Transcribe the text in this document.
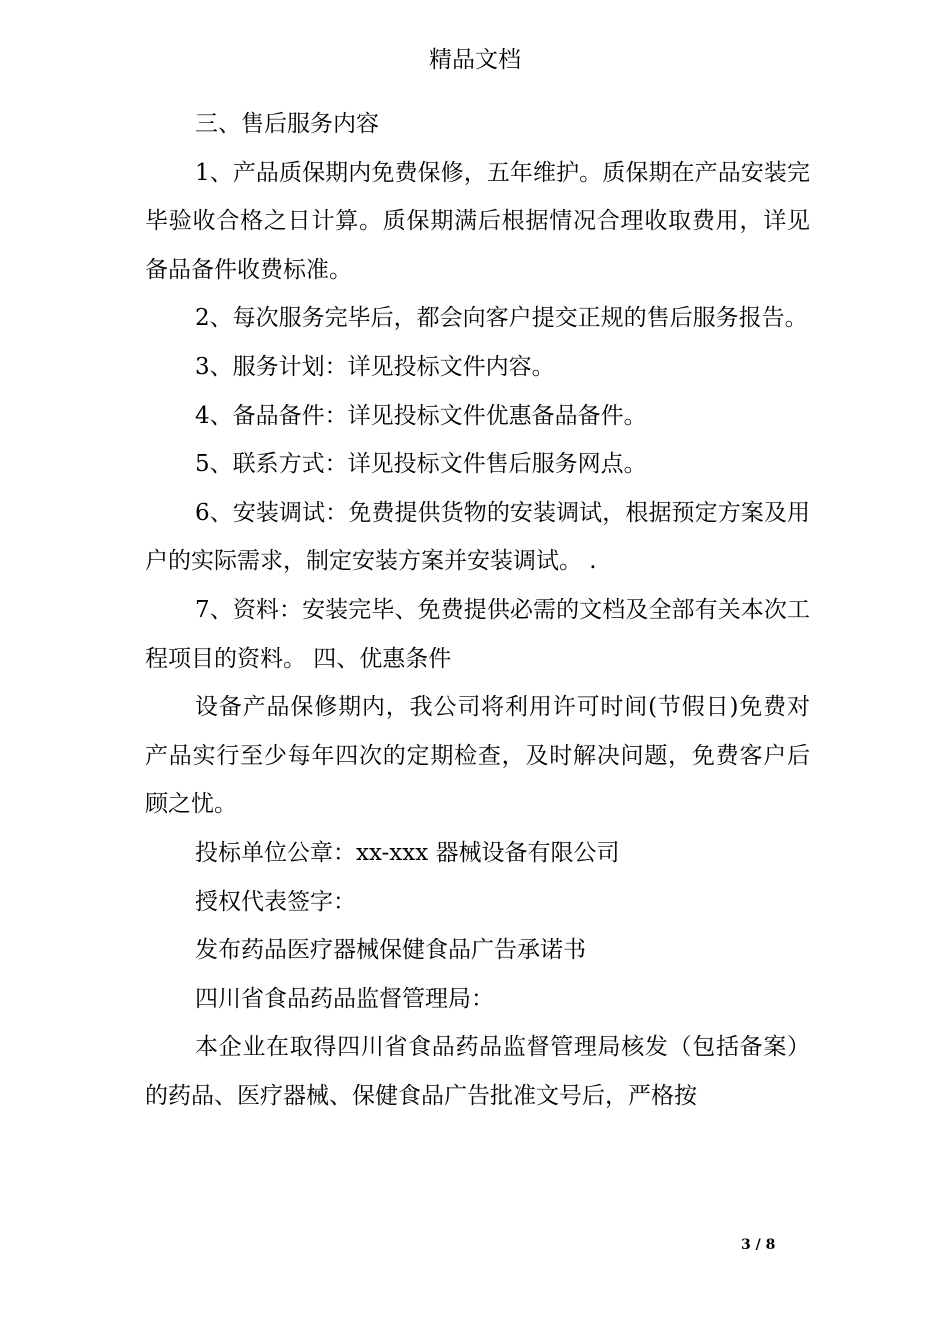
精品文档

三、售后服务内容

1、产品质保期内免费保修，五年维护。质保期在产品安装完毕验收合格之日计算。质保期满后根据情况合理收取费用，详见备品备件收费标准。

2、每次服务完毕后，都会向客户提交正规的售后服务报告。

3、服务计划：详见投标文件内容。

4、备品备件：详见投标文件优惠备品备件。

5、联系方式：详见投标文件售后服务网点。

6、安装调试：免费提供货物的安装调试，根据预定方案及用户的实际需求，制定安装方案并安装调试。 .

7、资料：安装完毕、免费提供必需的文档及全部有关本次工程项目的资料。 四、优惠条件

设备产品保修期内，我公司将利用许可时间(节假日)免费对产品实行至少每年四次的定期检查，及时解决问题，免费客户后顾之忧。

投标单位公章：xx-xxx 器械设备有限公司

授权代表签字：

发布药品医疗器械保健食品广告承诺书

四川省食品药品监督管理局：

本企业在取得四川省食品药品监督管理局核发（包括备案）的药品、医疗器械、保健食品广告批准文号后，严格按

3 / 8
